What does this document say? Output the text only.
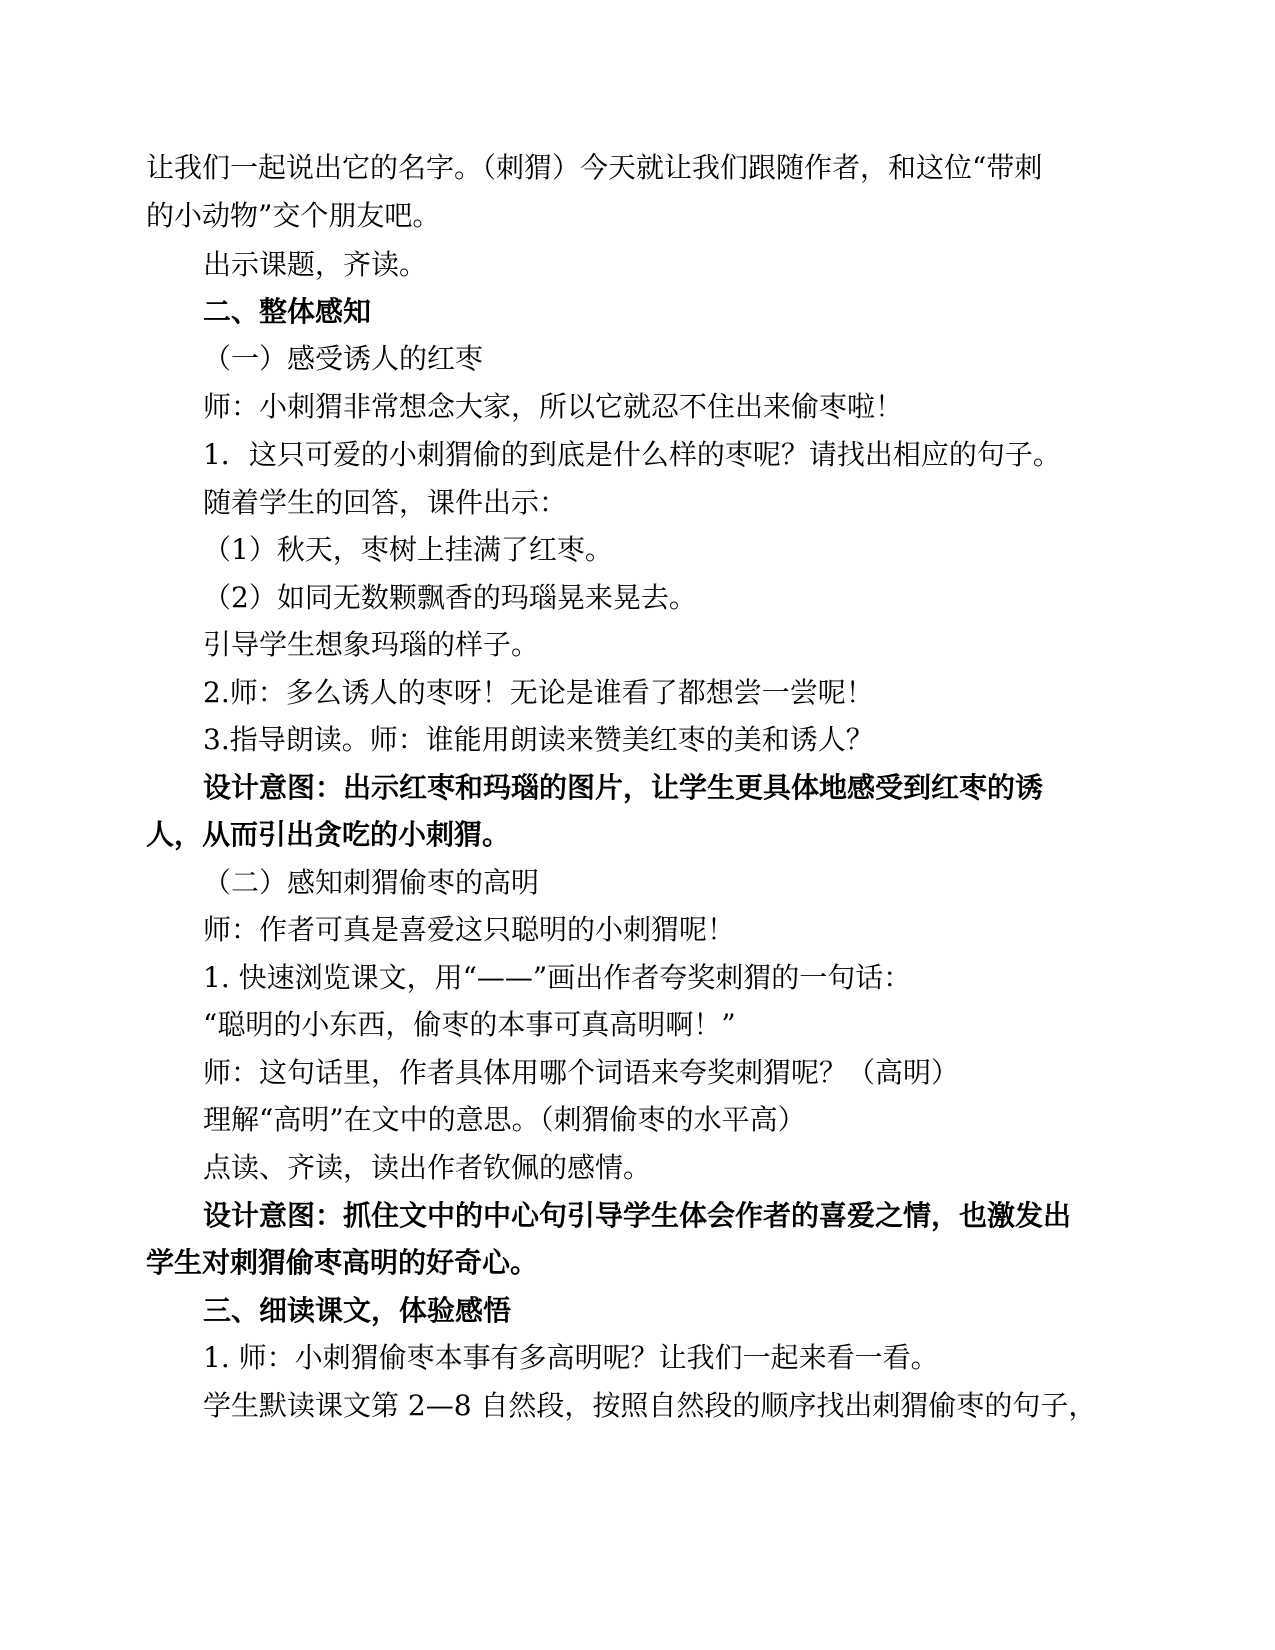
让我们一起说出它的名字。（刺猬）今天就让我们跟随作者，和这位“带刺
的小动物”交个朋友吧。
出示课题，齐读。
二、整体感知
（一）感受诱人的红枣
师：小刺猬非常想念大家，所以它就忍不住出来偷枣啦！
1．这只可爱的小刺猬偷的到底是什么样的枣呢？请找出相应的句子。
随着学生的回答，课件出示：
（1）秋天，枣树上挂满了红枣。
（2）如同无数颗飘香的玛瑙晃来晃去。
引导学生想象玛瑙的样子。
2.师：多么诱人的枣呀！无论是谁看了都想尝一尝呢！
3.指导朗读。师：谁能用朗读来赞美红枣的美和诱人？
设计意图：出示红枣和玛瑙的图片，让学生更具体地感受到红枣的诱
人，从而引出贪吃的小刺猬。
（二）感知刺猬偷枣的高明
师：作者可真是喜爱这只聪明的小刺猬呢！
1. 快速浏览课文，用“——”画出作者夸奖刺猬的一句话：
“聪明的小东西，偷枣的本事可真高明啊！”
师：这句话里，作者具体用哪个词语来夸奖刺猬呢？（高明）
理解“高明”在文中的意思。（刺猬偷枣的水平高）
点读、齐读，读出作者钦佩的感情。
设计意图：抓住文中的中心句引导学生体会作者的喜爱之情，也激发出
学生对刺猬偷枣高明的好奇心。
三、细读课文，体验感悟
1. 师：小刺猬偷枣本事有多高明呢？让我们一起来看一看。
学生默读课文第 2—8 自然段，按照自然段的顺序找出刺猬偷枣的句子，
